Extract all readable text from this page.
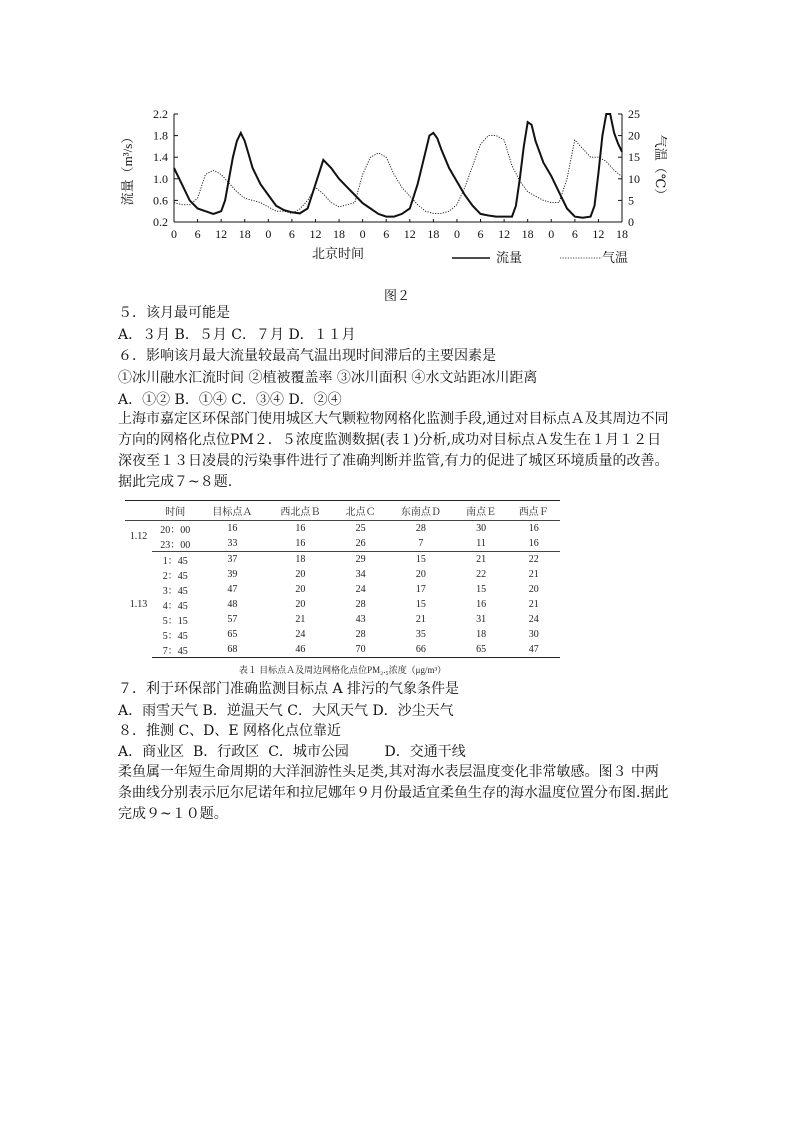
2.2
1.8
1.4
1.0
0.6
0.2
25
20
15
10
5
0
0 6 12 18 0 6 12 18 0 6 12 18 0 6 12 18 0 6 12 18
流量（m³/s）	气温（℃）
北京时间	流量	气温
图２
５．该月最可能是
A．３月 B．５月 C．７月 D．１１月
６．影响该月最大流量较最高气温出现时间滞后的主要因素是
①冰川融水汇流时间 ②植被覆盖率 ③冰川面积 ④水文站距冰川距离
A．①② B．①④ C．③④ D．②④
上海市嘉定区环保部门使用城区大气颗粒物网格化监测手段,通过对目标点Ａ及其周边不同
方向的网格化点位PM２．５浓度监测数据(表１)分析,成功对目标点Ａ发生在１月１２日
深夜至１３日凌晨的污染事件进行了准确判断并监管,有力的促进了城区环境质量的改善。
据此完成７~８题.
	时间	目标点Ａ	西北点Ｂ	北点Ｃ	东南点Ｄ	南点Ｅ	西点Ｆ
1.12	20：00	16	16	25	28	30	16
	23：00	33	16	26	7	11	16
1.13	1：45	37	18	29	15	21	22
	2：45	39	20	34	20	22	21
	3：45	47	20	24	17	15	20
	4：45	48	20	28	15	16	21
	5：15	57	21	43	21	31	24
	5：45	65	24	28	35	18	30
	7：45	68	46	70	66	65	47
表１ 目标点Ａ及周边网格化点位PM₂.₅浓度（μg/m³）
７．利于环保部门准确监测目标点 A 排污的气象条件是
A．雨雪天气 B．逆温天气 C．大风天气 D．沙尘天气
８．推测 C、D、E 网格化点位靠近
A．商业区  B．行政区  C．城市公园        D．交通干线
柔鱼属一年短生命周期的大洋洄游性头足类,其对海水表层温度变化非常敏感。图３ 中两
条曲线分别表示厄尔尼诺年和拉尼娜年９月份最适宜柔鱼生存的海水温度位置分布图.据此
完成９~１０题。
